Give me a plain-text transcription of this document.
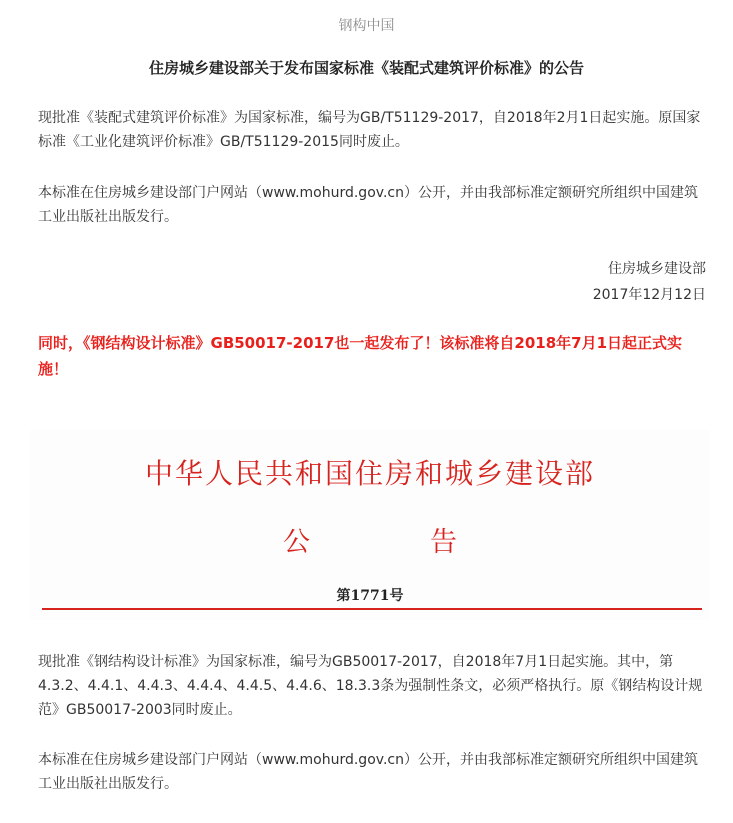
钢构中国
住房城乡建设部关于发布国家标准《装配式建筑评价标准》的公告

现批准《装配式建筑评价标准》为国家标准，编号为GB/T51129-2017，自2018年2月1日起实施。原国家标准《工业化建筑评价标准》GB/T51129-2015同时废止。

本标准在住房城乡建设部门户网站（www.mohurd.gov.cn）公开，并由我部标准定额研究所组织中国建筑工业出版社出版发行。

住房城乡建设部
2017年12月12日

同时，《钢结构设计标准》GB50017-2017也一起发布了！该标准将自2018年7月1日起正式实施！

中华人民共和国住房和城乡建设部
公	告
第1771号

现批准《钢结构设计标准》为国家标准，编号为GB50017-2017，自2018年7月1日起实施。其中，第4.3.2、4.4.1、4.4.3、4.4.4、4.4.5、4.4.6、18.3.3条为强制性条文，必须严格执行。原《钢结构设计规范》GB50017-2003同时废止。

本标准在住房城乡建设部门户网站（www.mohurd.gov.cn）公开，并由我部标准定额研究所组织中国建筑工业出版社出版发行。
